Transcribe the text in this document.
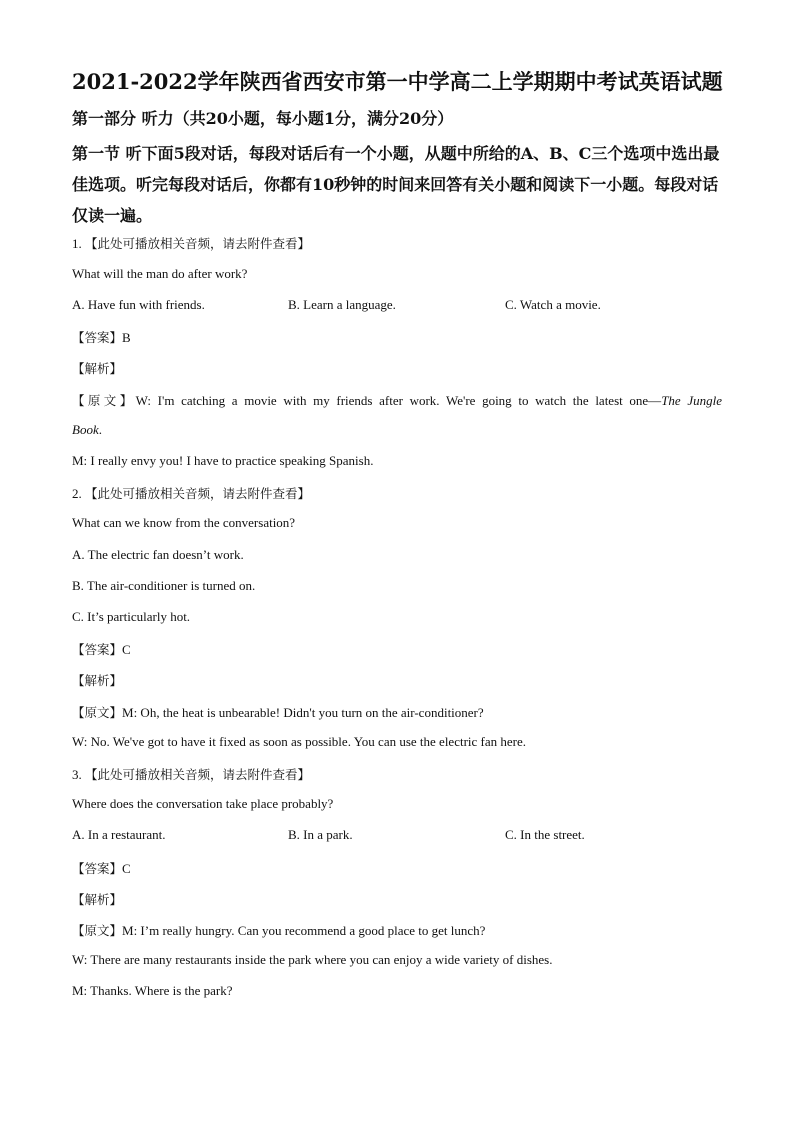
2021-2022学年陕西省西安市第一中学高二上学期期中考试英语试题
第一部分 听力（共20小题，每小题1分，满分20分）
第一节 听下面5段对话，每段对话后有一个小题，从题中所给的A、B、C三个选项中选出最佳选项。听完每段对话后，你都有10秒钟的时间来回答有关小题和阅读下一小题。每段对话仅读一遍。
1. 【此处可播放相关音频，请去附件查看】
What will the man do after work?
A. Have fun with friends.	B. Learn a language.	C. Watch a movie.
【答案】B
【解析】
【原文】W: I'm catching a movie with my friends after work. We're going to watch the latest one—The Jungle
Book.
M: I really envy you! I have to practice speaking Spanish.
2. 【此处可播放相关音频，请去附件查看】
What can we know from the conversation?
A. The electric fan doesn’t work.
B. The air-conditioner is turned on.
C. It’s particularly hot.
【答案】C
【解析】
【原文】M: Oh, the heat is unbearable! Didn't you turn on the air-conditioner?
W: No. We've got to have it fixed as soon as possible. You can use the electric fan here.
3. 【此处可播放相关音频，请去附件查看】
Where does the conversation take place probably?
A. In a restaurant.	B. In a park.	C. In the street.
【答案】C
【解析】
【原文】M: I’m really hungry. Can you recommend a good place to get lunch?
W: There are many restaurants inside the park where you can enjoy a wide variety of dishes.
M: Thanks. Where is the park?
